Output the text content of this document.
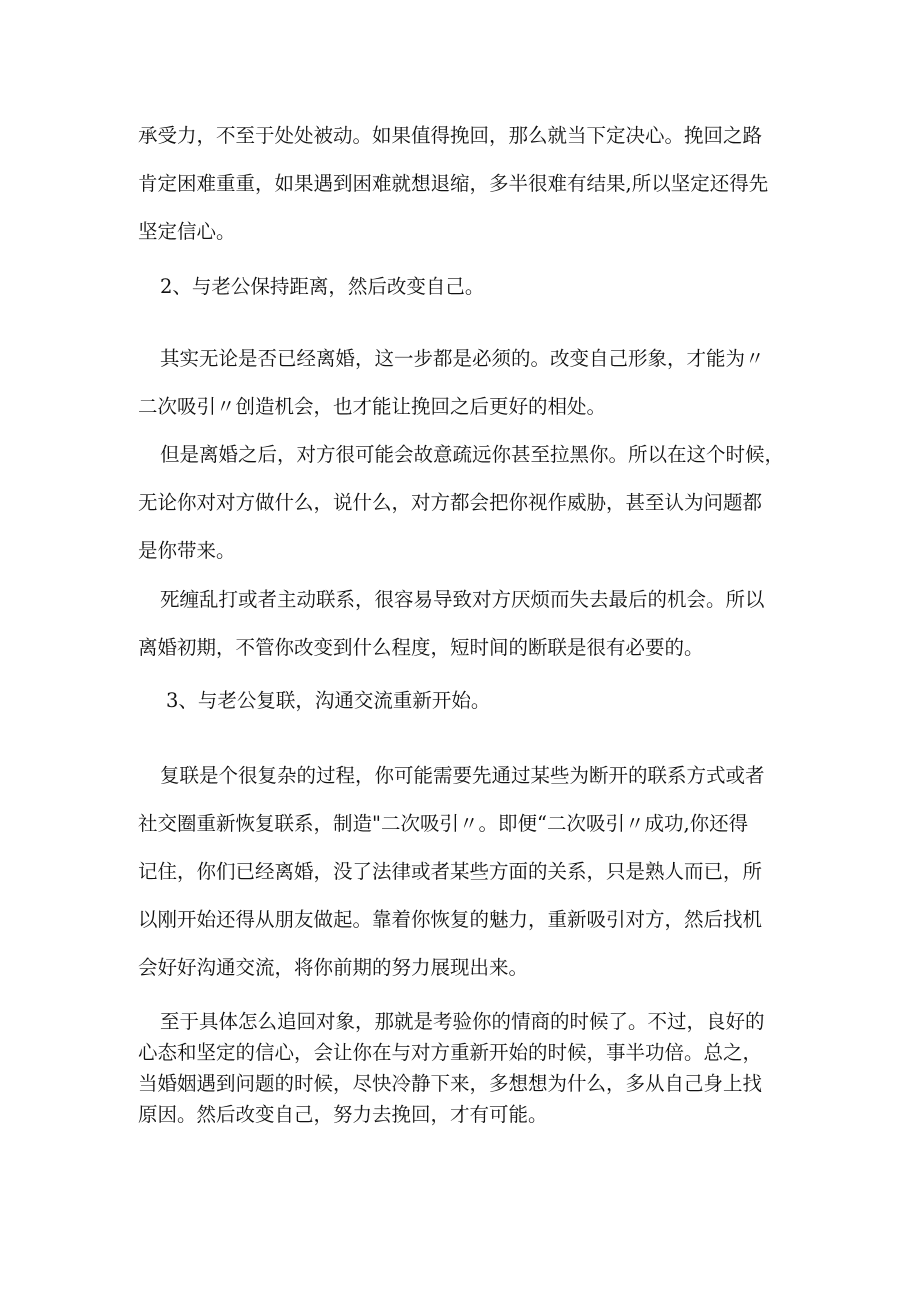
承受力，不至于处处被动。如果值得挽回，那么就当下定决心。挽回之路
肯定困难重重，如果遇到困难就想退缩，多半很难有结果,所以坚定还得先
坚定信心。

2、与老公保持距离，然后改变自己。

其实无论是否已经离婚，这一步都是必须的。改变自己形象，才能为〃
二次吸引〃创造机会，也才能让挽回之后更好的相处。

但是离婚之后，对方很可能会故意疏远你甚至拉黑你。所以在这个时候，
无论你对对方做什么，说什么，对方都会把你视作威胁，甚至认为问题都
是你带来。

死缠乱打或者主动联系，很容易导致对方厌烦而失去最后的机会。所以
离婚初期，不管你改变到什么程度，短时间的断联是很有必要的。

3、与老公复联，沟通交流重新开始。

复联是个很复杂的过程，你可能需要先通过某些为断开的联系方式或者
社交圈重新恢复联系，制造"二次吸引〃。即便“二次吸引〃成功,你还得
记住，你们已经离婚，没了法律或者某些方面的关系，只是熟人而已，所
以刚开始还得从朋友做起。靠着你恢复的魅力，重新吸引对方，然后找机
会好好沟通交流，将你前期的努力展现出来。

至于具体怎么追回对象，那就是考验你的情商的时候了。不过，良好的
心态和坚定的信心，会让你在与对方重新开始的时候，事半功倍。总之，
当婚姻遇到问题的时候，尽快冷静下来，多想想为什么，多从自己身上找
原因。然后改变自己，努力去挽回，才有可能。
